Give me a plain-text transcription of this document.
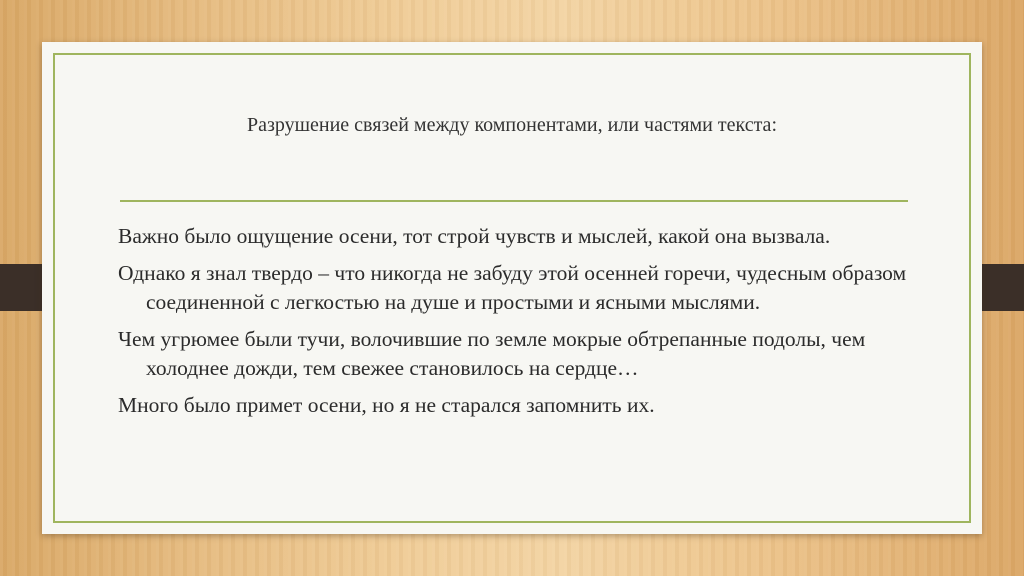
Разрушение связей между компонентами, или частями текста:
Важно было ощущение осени, тот строй чувств и мыслей, какой она вызвала.
Однако я знал твердо – что никогда не забуду этой осенней горечи, чудесным образом соединенной с легкостью на душе и простыми и ясными мыслями.
Чем угрюмее были тучи, волочившие по земле мокрые обтрепанные подолы, чем холоднее дожди, тем свежее становилось на сердце…
Много было примет осени, но я не старался запомнить их.
